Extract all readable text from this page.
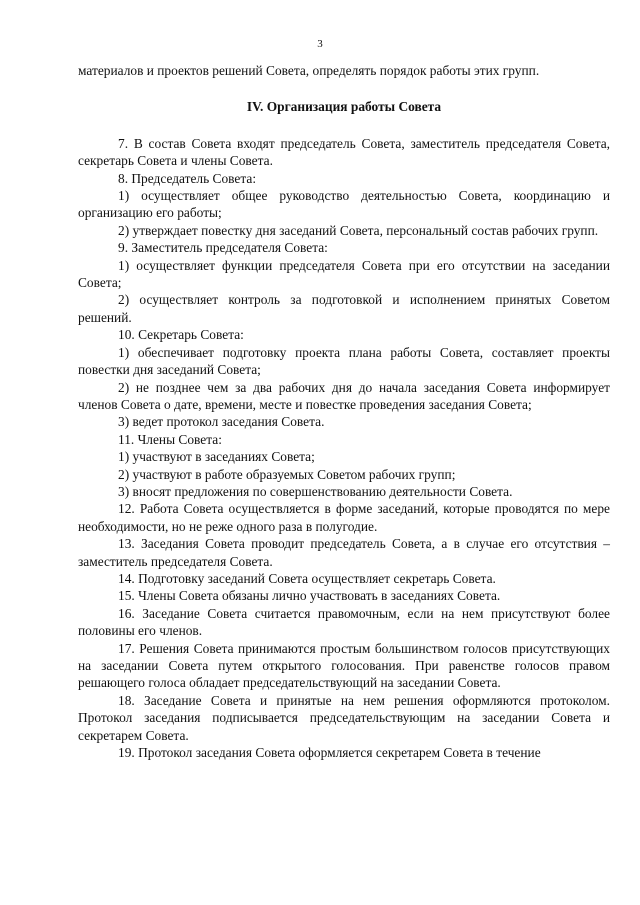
3

материалов и проектов решений Совета, определять порядок работы этих групп.

IV. Организация работы Совета

7. В состав Совета входят председатель Совета, заместитель председателя Совета, секретарь Совета и члены Совета.

8. Председатель Совета:

1) осуществляет общее руководство деятельностью Совета, координацию и организацию его работы;

2) утверждает повестку дня заседаний Совета, персональный состав рабочих групп.

9. Заместитель председателя Совета:

1) осуществляет функции председателя Совета при его отсутствии на заседании Совета;

2) осуществляет контроль за подготовкой и исполнением принятых Советом решений.

10. Секретарь Совета:

1) обеспечивает подготовку проекта плана работы Совета, составляет проекты повестки дня заседаний Совета;

2) не позднее чем за два рабочих дня до начала заседания Совета информирует членов Совета о дате, времени, месте и повестке проведения заседания Совета;

3) ведет протокол заседания Совета.

11. Члены Совета:

1) участвуют в заседаниях Совета;

2) участвуют в работе образуемых Советом рабочих групп;

3) вносят предложения по совершенствованию деятельности Совета.

12. Работа Совета осуществляется в форме заседаний, которые проводятся по мере необходимости, но не реже одного раза в полугодие.

13. Заседания Совета проводит председатель Совета, а в случае его отсутствия – заместитель председателя Совета.

14. Подготовку заседаний Совета осуществляет секретарь Совета.

15. Члены Совета обязаны лично участвовать в заседаниях Совета.

16. Заседание Совета считается правомочным, если на нем присутствуют более половины его членов.

17. Решения Совета принимаются простым большинством голосов присутствующих на заседании Совета путем открытого голосования. При равенстве голосов правом решающего голоса обладает председательствующий на заседании Совета.

18. Заседание Совета и принятые на нем решения оформляются протоколом. Протокол заседания подписывается председательствующим на заседании Совета и секретарем Совета.

19. Протокол заседания Совета оформляется секретарем Совета в течение
